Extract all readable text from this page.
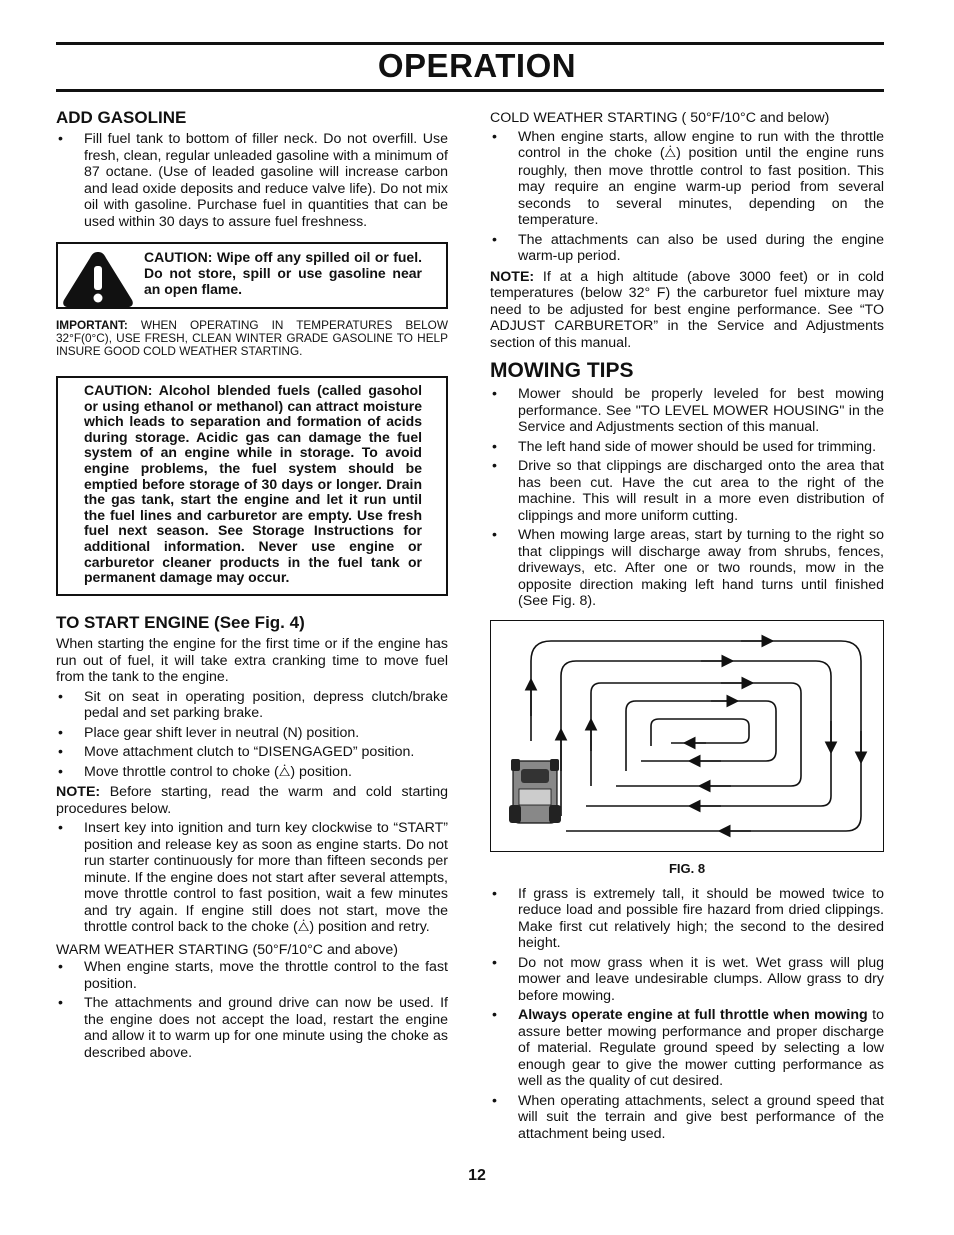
OPERATION
ADD GASOLINE
• Fill fuel tank to bottom of filler neck. Do not overfill. Use fresh, clean, regular unleaded gasoline with a minimum of 87 octane. (Use of leaded gasoline will increase carbon and lead oxide deposits and reduce valve life). Do not mix oil with gasoline. Purchase fuel in quantities that can be used within 30 days to assure fuel freshness.
CAUTION: Wipe off any spilled oil or fuel. Do not store, spill or use gasoline near an open flame.

IMPORTANT: WHEN OPERATING IN TEMPERATURES BELOW 32°F(0°C), USE FRESH, CLEAN WINTER GRADE GASOLINE TO HELP INSURE GOOD COLD WEATHER STARTING.

CAUTION: Alcohol blended fuels (called gasohol or using ethanol or methanol) can attract moisture which leads to separation and formation of acids during storage. Acidic gas can damage the fuel system of an engine while in storage. To avoid engine problems, the fuel system should be emptied before storage of 30 days or longer. Drain the gas tank, start the engine and let it run until the fuel lines and carburetor are empty. Use fresh fuel next season. See Storage Instructions for additional information. Never use engine or carburetor cleaner products in the fuel tank or permanent damage may occur.
TO START ENGINE (See Fig. 4)

When starting the engine for the first time or if the engine has run out of fuel, it will take extra cranking time to move fuel from the tank to the engine.

• Sit on seat in operating position, depress clutch/brake pedal and set parking brake.
• Place gear shift lever in neutral (N) position.
• Move attachment clutch to “DISENGAGED” position.
• Move throttle control to choke (⧊) position.

NOTE: Before starting, read the warm and cold starting procedures below.

• Insert key into ignition and turn key clockwise to “START” position and release key as soon as engine starts. Do not run starter continuously for more than fifteen seconds per minute. If the engine does not start after several attempts, move throttle control to fast position, wait a few minutes and try again. If engine still does not start, move the throttle control back to the choke (⧊) position and retry.

WARM WEATHER STARTING (50°F/10°C and above)

• When engine starts, move the throttle control to the fast position.
• The attachments and ground drive can now be used. If the engine does not accept the load, restart the engine and allow it to warm up for one minute using the choke as described above.

COLD WEATHER STARTING ( 50°F/10°C and below)

• When engine starts, allow engine to run with the throttle control in the choke (⧊) position until the engine runs roughly, then move throttle control to fast position. This may require an engine warm-up period from several seconds to several minutes, depending on the temperature.
• The attachments can also be used during the engine warm-up period.

NOTE: If at a high altitude (above 3000 feet) or in cold temperatures (below 32° F) the carburetor fuel mixture may need to be adjusted for best engine performance. See “TO ADJUST CARBURETOR” in the Service and Adjustments section of this manual.

MOWING TIPS
• Mower should be properly leveled for best mowing performance. See "TO LEVEL MOWER HOUSING" in the Service and Adjustments section of this manual.
• The left hand side of mower should be used for trimming.
• Drive so that clippings are discharged onto the area that has been cut. Have the cut area to the right of the machine. This will result in a more even distribution of clippings and more uniform cutting.
• When mowing large areas, start by turning to the right so that clippings will discharge away from shrubs, fences, driveways, etc. After one or two rounds, mow in the opposite direction making left hand turns until finished (See Fig. 8).
FIG. 8
• If grass is extremely tall, it should be mowed twice to reduce load and possible fire hazard from dried clippings. Make first cut relatively high; the second to the desired height.
• Do not mow grass when it is wet. Wet grass will plug mower and leave undesirable clumps. Allow grass to dry before mowing.
• Always operate engine at full throttle when mowing to assure better mowing performance and proper discharge of material. Regulate ground speed by selecting a low enough gear to give the mower cutting performance as well as the quality of cut desired.
• When operating attachments, select a ground speed that will suit the terrain and give best performance of the attachment being used.
12
